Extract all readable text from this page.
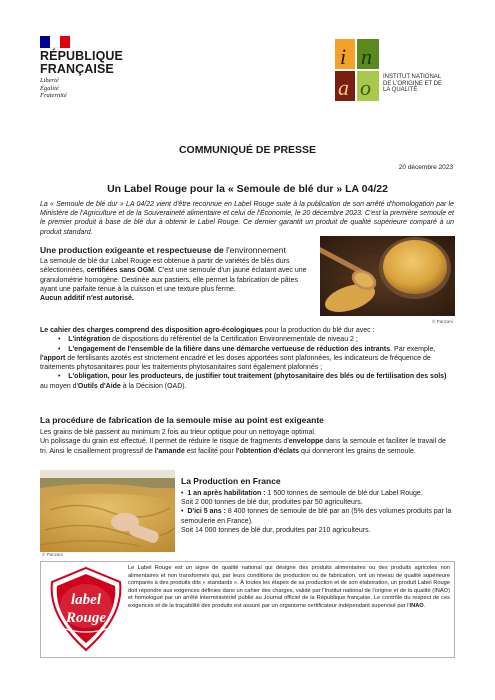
RÉPUBLIQUE
FRANÇAISE
Liberté
Égalité
Fraternité
i n
a o INSTITUT NATIONAL
DE L'ORIGINE ET DE
LA QUALITÉ
COMMUNIQUÉ DE PRESSE
20 décembre 2023
Un Label Rouge pour la « Semoule de blé dur » LA 04/22
La « Semoule de blé dur » LA 04/22 vient d'être reconnue en Label Rouge suite à la publication de son arrêté d'homologation par le Ministère de l'Agriculture et de la Souveraineté alimentaire et celui de l'Économie, le 20 décembre 2023. C'est la première semoule et le premier produit à base de blé dur à obtenir le Label Rouge. Ce dernier garantit un produit de qualité supérieure comparé à un produit standard.
Une production exigeante et respectueuse de l'environnement
La semoule de blé dur Label Rouge est obtenue à partir de variétés de blés durs sélectionnées, certifiées sans OGM. C'est une semoule d'un jaune éclatant avec une granulométrie homogène. Destinée aux pastiers, elle permet la fabrication de pâtes ayant une parfaite tenue à la cuisson et une texture plus ferme.
Aucun additif n'est autorisé.
© Panzani
Le cahier des charges comprend des disposition agro-écologiques pour la production du blé dur avec :
•    L'intégration de dispositions du référentiel de la Certification Environnementale de niveau 2 ;
•    L'engagement de l'ensemble de la filière dans une démarche vertueuse de réduction des intrants. Par exemple, l'apport de fertilisants azotés est strictement encadré et les doses apportées sont plafonnées, les indicateurs de fréquence de traitements phytosanitaires pour les traitements phytosanitaires sont également plafonnés ;
•    L'obligation, pour les producteurs, de justifier tout traitement (phytosanitaire des blés ou de fertilisation des sols) au moyen d'Outils d'Aide à la Décision (OAD).
La procédure de fabrication de la semoule mise au point est exigeante
Les grains de blé passent au minimum 2 fois au trieur optique pour un nettoyage optimal.
Un polissage du grain est effectué. Il permet de réduire le risque de fragments d'enveloppe dans la semoule et faciliter le travail de tri. Ainsi le cisaillement progressif de l'amande est facilité pour l'obtention d'éclats qui donneront les grains de semoule.
© Panzani
La Production en France
•  1 an après habilitation : 1 500 tonnes de semoule de blé dur Label Rouge.
Soit 2 000 tonnes de blé dur, produites par 50 agriculteurs.
•  D'ici 5 ans : 8 400 tonnes de semoule de blé par an (5% des volumes produits par la semoulerie en France).
Soit 14 000 tonnes de blé dur, produites par 210 agriculteurs.
label
Rouge
Le Label Rouge est un signe de qualité national qui désigne des produits alimentaires ou des produits agricoles non alimentaires et non transformés qui, par leurs conditions de production ou de fabrication, ont un niveau de qualité supérieure comparés à des produits dits « standards ». À toutes les étapes de sa production et de son élaboration, un produit Label Rouge doit répondre aux exigences définies dans un cahier des charges, validé par l'Institut national de l'origine et de la qualité (INAO) et homologué par un arrêté interministériel publié au Journal officiel de la République française. Le contrôle du respect de ces exigences et de la traçabilité des produits est assuré par un organisme certificateur indépendant supervisé par l'INAO.
